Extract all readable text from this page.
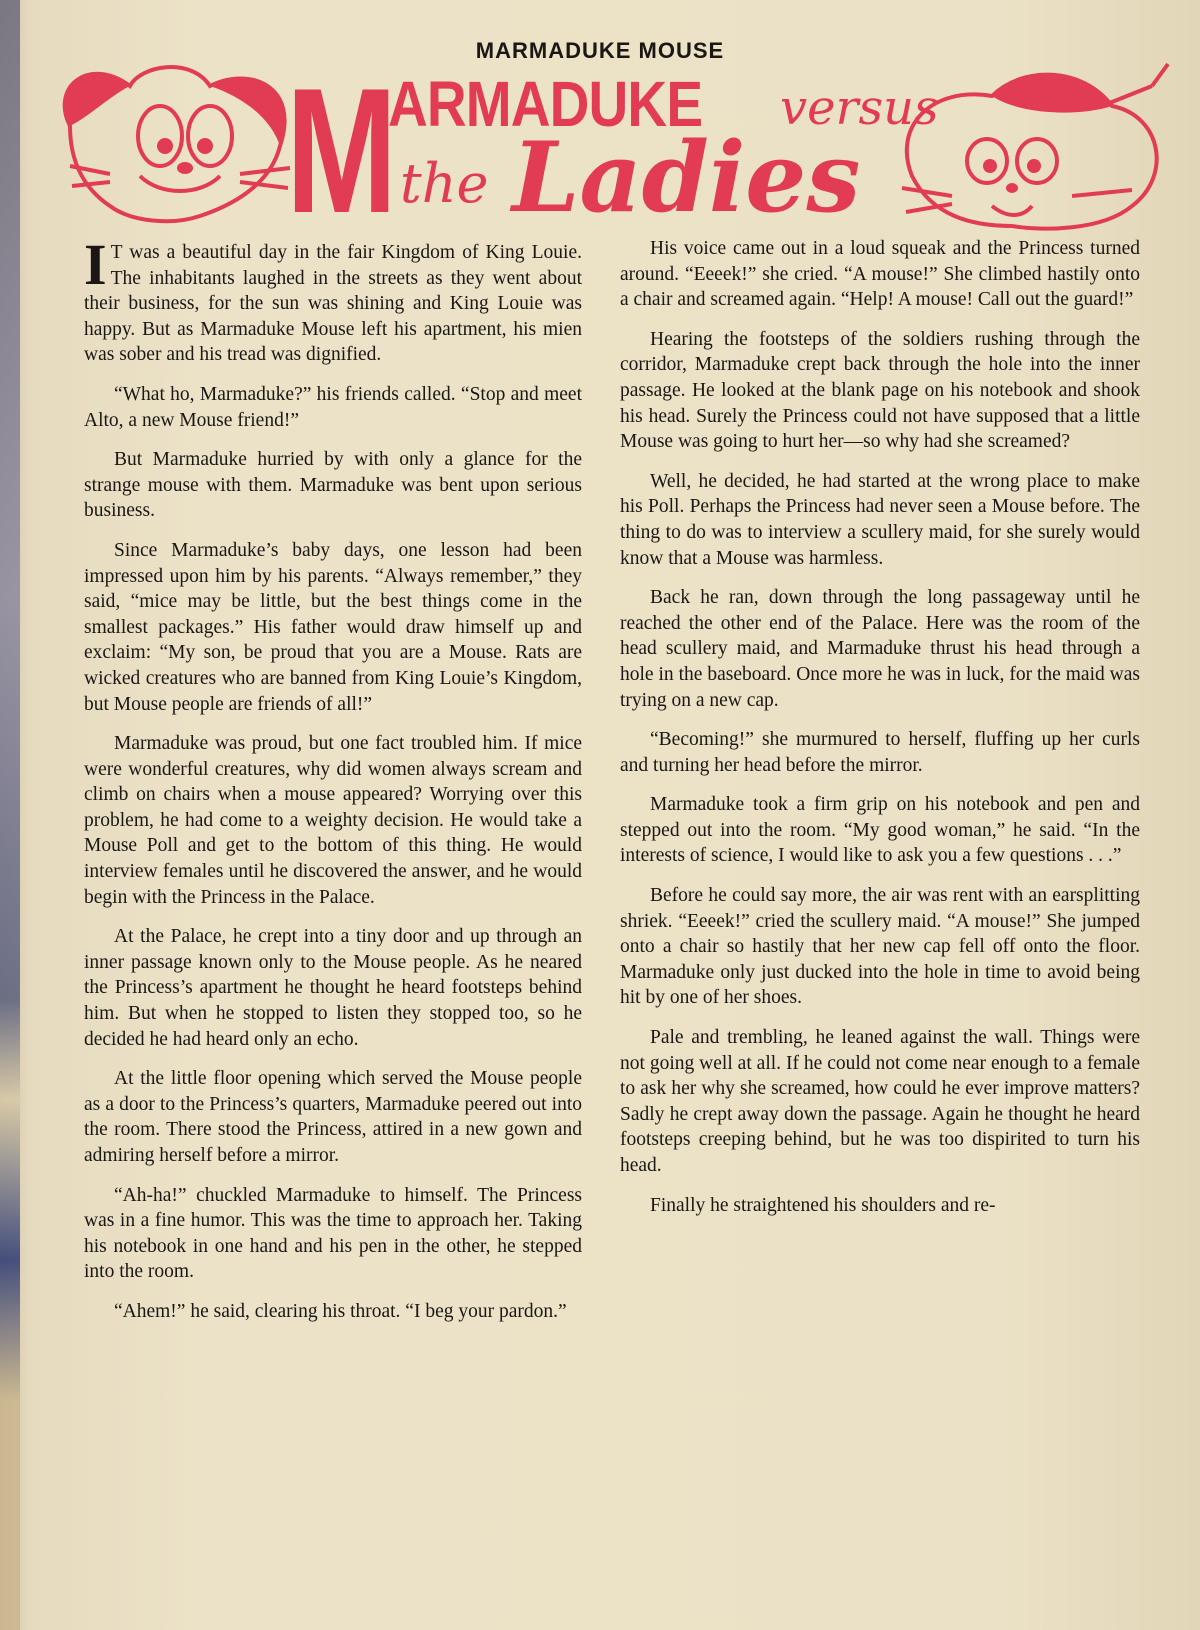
MARMADUKE MOUSE
M
ARMADUKE versus
the Ladies

I T was a beautiful day in the fair Kingdom of King Louie. The inhabitants laughed in the streets as they went about their business, for the sun was shining and King Louie was happy. But as Marmaduke Mouse left his apartment, his mien was sober and his tread was dignified.

“What ho, Marmaduke?” his friends called. “Stop and meet Alto, a new Mouse friend!”

But Marmaduke hurried by with only a glance for the strange mouse with them. Marmaduke was bent upon serious business.

Since Marmaduke’s baby days, one lesson had been impressed upon him by his parents. “Always remember,” they said, “mice may be little, but the best things come in the smallest packages.” His father would draw himself up and exclaim: “My son, be proud that you are a Mouse. Rats are wicked creatures who are banned from King Louie’s Kingdom, but Mouse people are friends of all!”

Marmaduke was proud, but one fact troubled him. If mice were wonderful creatures, why did women always scream and climb on chairs when a mouse appeared? Worrying over this problem, he had come to a weighty decision. He would take a Mouse Poll and get to the bottom of this thing. He would interview females until he discovered the answer, and he would begin with the Princess in the Palace.

At the Palace, he crept into a tiny door and up through an inner passage known only to the Mouse people. As he neared the Princess’s apartment he thought he heard footsteps behind him. But when he stopped to listen they stopped too, so he decided he had heard only an echo.

At the little floor opening which served the Mouse people as a door to the Princess’s quarters, Marmaduke peered out into the room. There stood the Princess, attired in a new gown and admiring herself before a mirror.

“Ah-ha!” chuckled Marmaduke to himself. The Princess was in a fine humor. This was the time to approach her. Taking his notebook in one hand and his pen in the other, he stepped into the room.

“Ahem!” he said, clearing his throat. “I beg your pardon.”

His voice came out in a loud squeak and the Princess turned around. “Eeeek!” she cried. “A mouse!” She climbed hastily onto a chair and screamed again. “Help! A mouse! Call out the guard!”

Hearing the footsteps of the soldiers rushing through the corridor, Marmaduke crept back through the hole into the inner passage. He looked at the blank page on his notebook and shook his head. Surely the Princess could not have supposed that a little Mouse was going to hurt her—so why had she screamed?

Well, he decided, he had started at the wrong place to make his Poll. Perhaps the Princess had never seen a Mouse before. The thing to do was to interview a scullery maid, for she surely would know that a Mouse was harmless.

Back he ran, down through the long passageway until he reached the other end of the Palace. Here was the room of the head scullery maid, and Marmaduke thrust his head through a hole in the baseboard. Once more he was in luck, for the maid was trying on a new cap.

“Becoming!” she murmured to herself, fluffing up her curls and turning her head before the mirror.

Marmaduke took a firm grip on his notebook and pen and stepped out into the room. “My good woman,” he said. “In the interests of science, I would like to ask you a few questions . . .”

Before he could say more, the air was rent with an earsplitting shriek. “Eeeek!” cried the scullery maid. “A mouse!” She jumped onto a chair so hastily that her new cap fell off onto the floor. Marmaduke only just ducked into the hole in time to avoid being hit by one of her shoes.

Pale and trembling, he leaned against the wall. Things were not going well at all. If he could not come near enough to a female to ask her why she screamed, how could he ever improve matters? Sadly he crept away down the passage. Again he thought he heard footsteps creeping behind, but he was too dispirited to turn his head.

Finally he straightened his shoulders and re-
